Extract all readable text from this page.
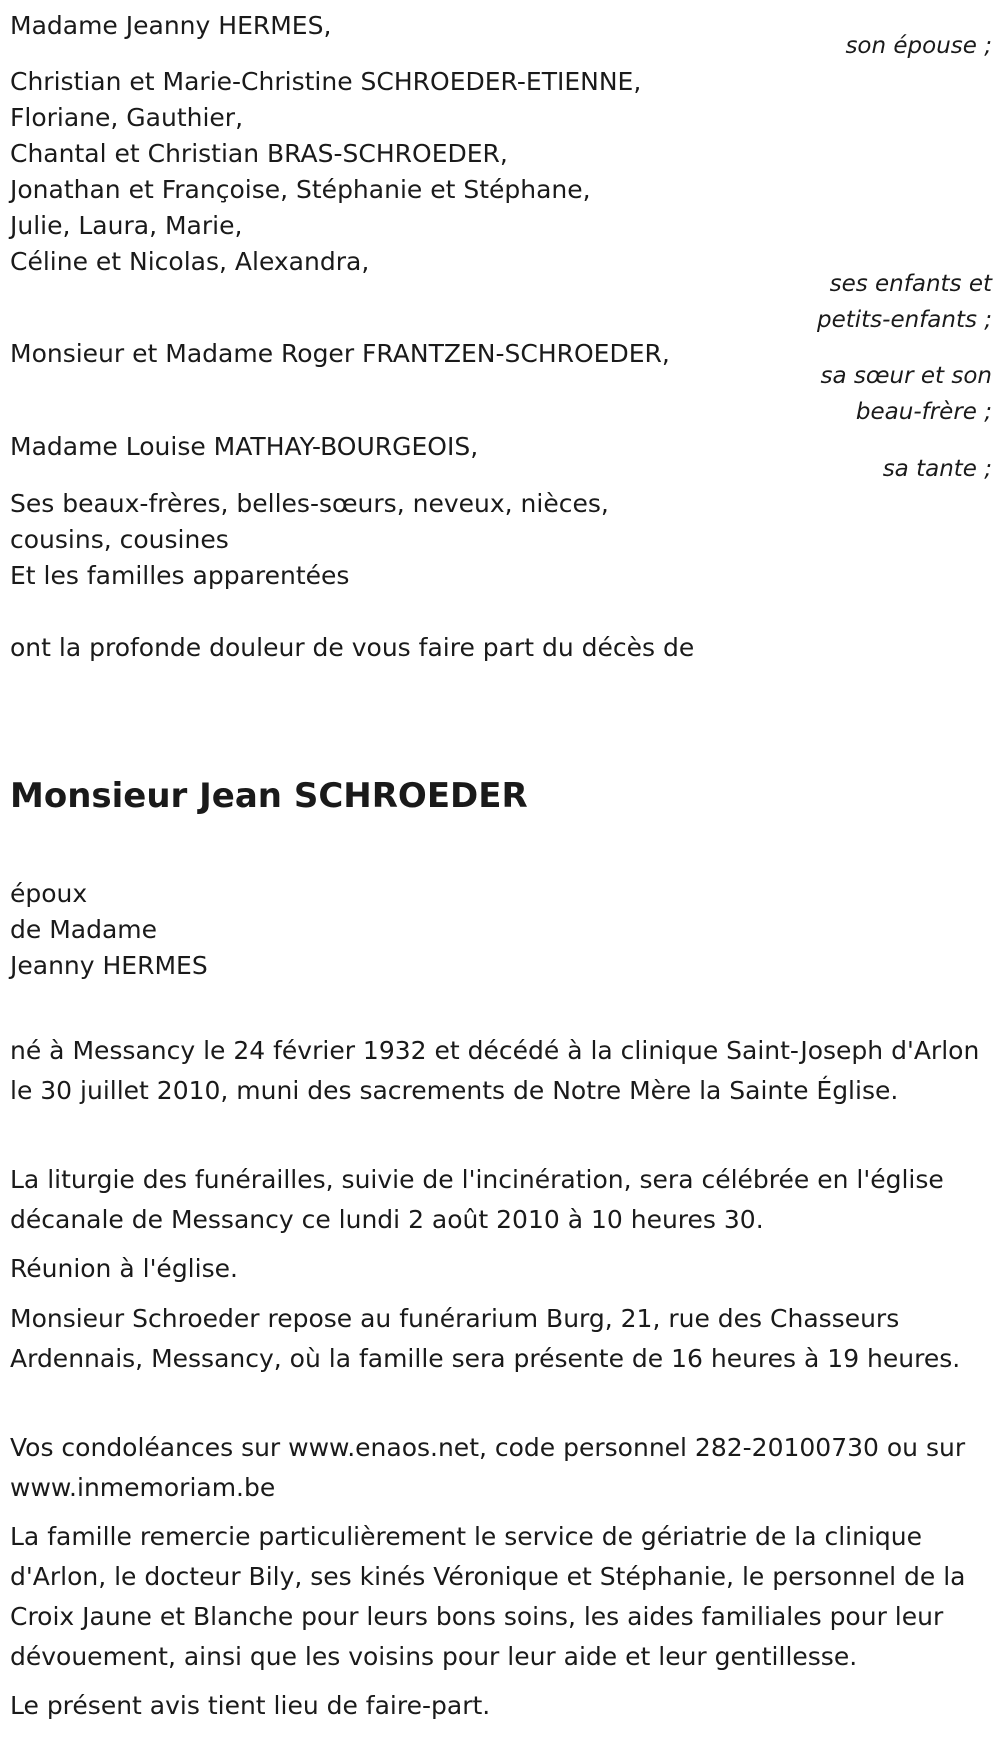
Madame Jeanny HERMES,
son épouse ;
Christian et Marie-Christine SCHROEDER-ETIENNE,
Floriane, Gauthier,
Chantal et Christian BRAS-SCHROEDER,
Jonathan et Françoise, Stéphanie et Stéphane,
Julie, Laura, Marie,
Céline et Nicolas, Alexandra,
ses enfants et
petits-enfants ;
Monsieur et Madame Roger FRANTZEN-SCHROEDER,
sa sœur et son
beau-frère ;
Madame Louise MATHAY-BOURGEOIS,
sa tante ;
Ses beaux-frères, belles-sœurs, neveux, nièces,
cousins, cousines
Et les familles apparentées
ont la profonde douleur de vous faire part du décès de
Monsieur Jean SCHROEDER
époux
de Madame
Jeanny HERMES
né à Messancy le 24 février 1932 et décédé à la clinique Saint-Joseph d'Arlon le 30 juillet 2010, muni des sacrements de Notre Mère la Sainte Église.
La liturgie des funérailles, suivie de l'incinération, sera célébrée en l'église décanale de Messancy ce lundi 2 août 2010 à 10 heures 30.
Réunion à l'église.
Monsieur Schroeder repose au funérarium Burg, 21, rue des Chasseurs Ardennais, Messancy, où la famille sera présente de 16 heures à 19 heures.
Vos condoléances sur www.enaos.net, code personnel 282-20100730 ou sur www.inmemoriam.be
La famille remercie particulièrement le service de gériatrie de la clinique d'Arlon, le docteur Bily, ses kinés Véronique et Stéphanie, le personnel de la Croix Jaune et Blanche pour leurs bons soins, les aides familiales pour leur dévouement, ainsi que les voisins pour leur aide et leur gentillesse.
Le présent avis tient lieu de faire-part.
